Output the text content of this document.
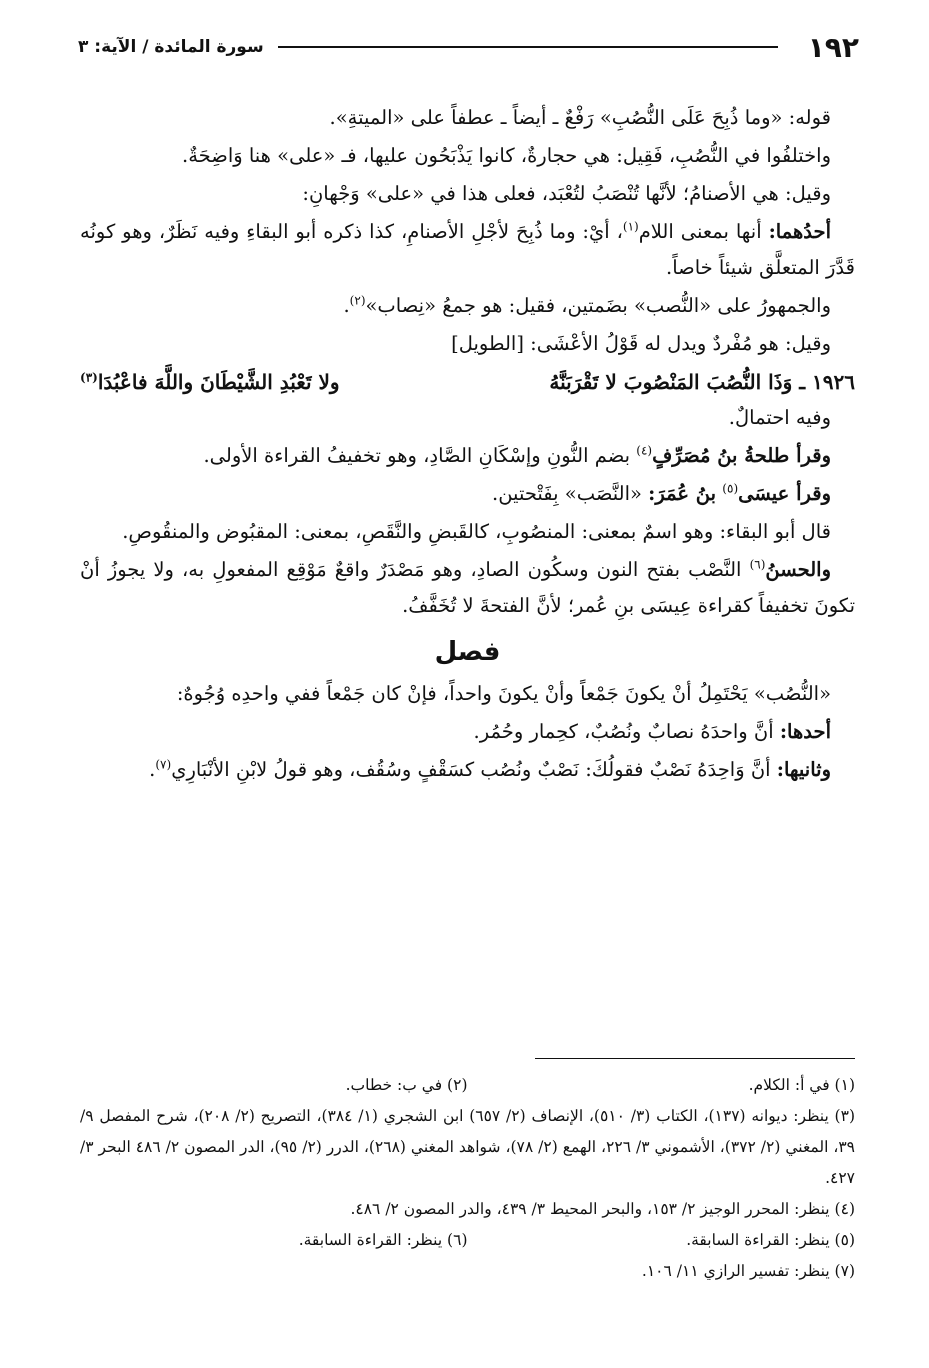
١٩٢
سورة المائدة / الآية: ٣

قوله: «وما ذُبِحَ عَلَى النُّصُبِ» رَفْعٌ ـ أيضاً ـ عطفاً على «الميتةِ».

واختلفُوا في النُّصُبِ، فَقِيل: هي حجارةٌ، كانوا يَذْبَحُون عليها، فـ «على» هنا وَاضِحَةٌ.

وقيل: هي الأصنامُ؛ لأنَّها تُنْصَبُ لتُعْبَد، فعلى هذا في «على» وَجْهانِ:

أحدُهما: أنها بمعنى اللام$^{(١)}$، أيْ: وما ذُبِحَ لأجْلِ الأصنامِ، كذا ذكره أبو البقاءِ وفيه نَظَرٌ، وهو كونُه قَدَّرَ المتعلَّق شيئاً خاصاً.

والجمهورُ على «النُّصب» بضَمتين، فقيل: هو جمعُ «نِصاب»$^{(٢)}$.

وقيل: هو مُفْردٌ ويدل له قَوْلُ الأعْشَى: [الطويل]

١٩٢٦ ـ وَذَا النُّصُبَ المَنْصُوبَ لا تَقْرَبَنَّهُ
ولا تَعْبُدِ الشَّيْطَانَ واللَّهَ فاعْبُدَا$^{(٣)}$

وفيه احتمالٌ.

وقرأ طلحةُ بنُ مُصَرِّفٍ$^{(٤)}$ بضم النُّونِ وإسْكَانِ الصَّادِ، وهو تخفيفُ القراءة الأولى.

وقرأ عيسَى$^{(٥)}$ بنُ عُمَرَ: «النَّصَب» بِفَتْحتين.

قال أبو البقاء: وهو اسمٌ بمعنى: المنصُوبِ، كالقَبضِ والنَّقَصِ، بمعنى: المقبُوض والمنقُوصِ.

والحسنُ$^{(٦)}$ النَّصْب بفتح النون وسكُون الصادِ، وهو مَصْدَرٌ واقعٌ مَوْقِع المفعولِ به، ولا يجوزُ أنْ تكونَ تخفيفاً كقراءة عِيسَى بنِ عُمر؛ لأنَّ الفتحةَ لا تُخَفَّفُ.

فصل

«النُّصُب» يَحْتَمِلُ أنْ يكونَ جَمْعاً وأنْ يكونَ واحداً، فإنْ كان جَمْعاً ففي واحدِه وُجُوهٌ:

أحدها: أنَّ واحدَهُ نصابٌ ونُصُبٌ، كحِمار وحُمُر.

وثانيها: أنَّ وَاحِدَهُ نَصْبٌ فقولُكَ: نَصْبٌ ونُصُب كسَقْفٍ وسُقُف، وهو قولُ لابْنِ الأنْبَارِي$^{(٧)}$.

(١) في أ: الكلام.
(٢) في ب: خطاب.

(٣) ينظر: ديوانه (١٣٧)، الكتاب (٣/ ٥١٠)، الإنصاف (٢/ ٦٥٧) ابن الشجري (١/ ٣٨٤)، التصريح (٢/ ٢٠٨)، شرح المفصل ٩/ ٣٩، المغني (٢/ ٣٧٢)، الأشموني ٣/ ٢٢٦، الهمع (٢/ ٧٨)، شواهد المغني (٢٦٨)، الدرر (٢/ ٩٥)، الدر المصون ٢/ ٤٨٦ البحر ٣/ ٤٢٧.

(٤) ينظر: المحرر الوجيز ٢/ ١٥٣، والبحر المحيط ٣/ ٤٣٩، والدر المصون ٢/ ٤٨٦.

(٥) ينظر: القراءة السابقة.
(٦) ينظر: القراءة السابقة.

(٧) ينظر: تفسير الرازي ١١/ ١٠٦.
